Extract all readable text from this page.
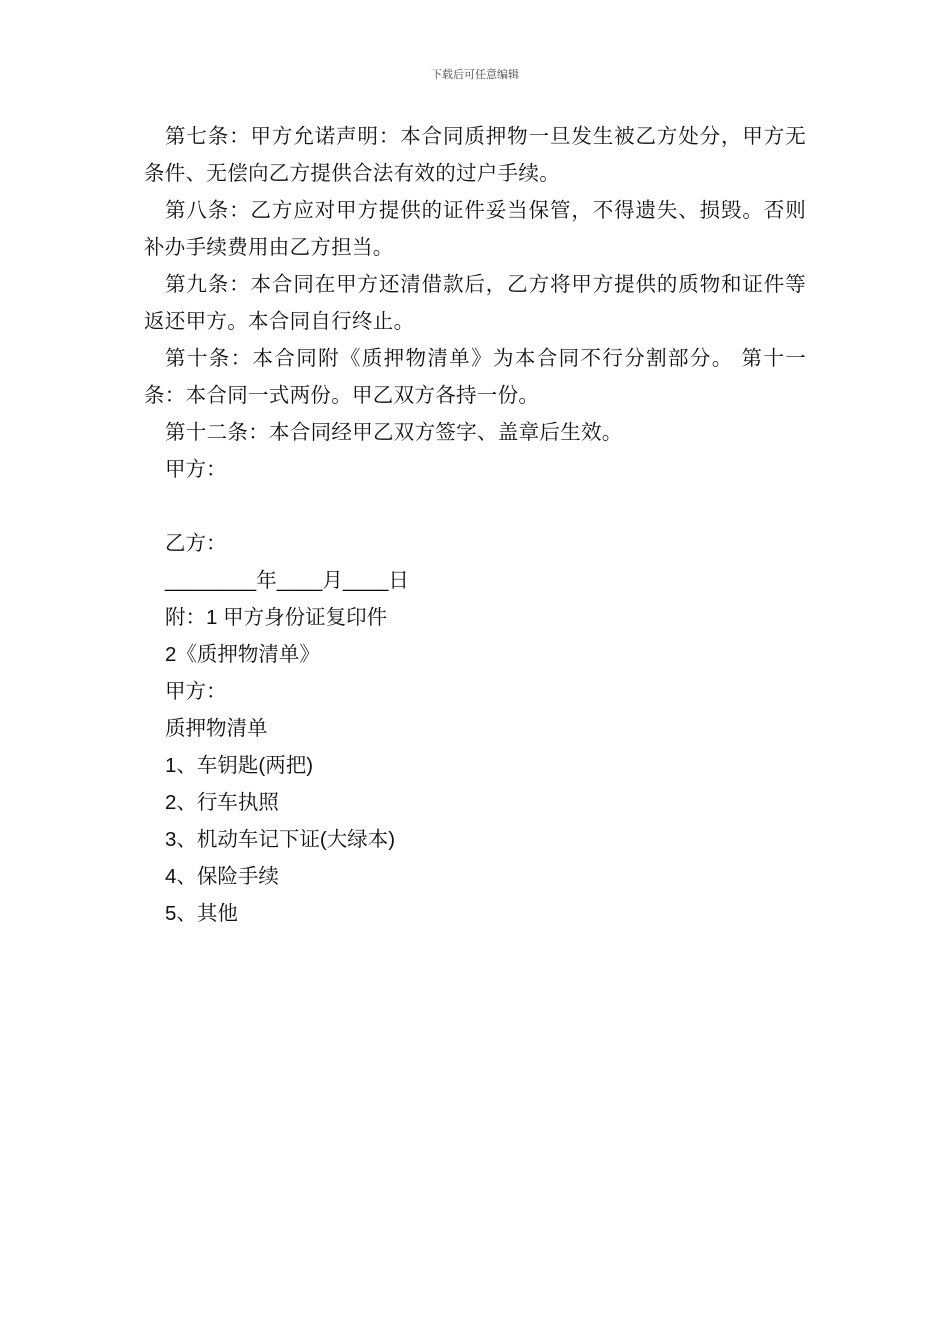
下载后可任意编辑

第七条：甲方允诺声明：本合同质押物一旦发生被乙方处分，甲方无条件、无偿向乙方提供合法有效的过户手续。

第八条：乙方应对甲方提供的证件妥当保管，不得遗失、损毁。否则补办手续费用由乙方担当。

第九条：本合同在甲方还清借款后，乙方将甲方提供的质物和证件等返还甲方。本合同自行终止。

第十条：本合同附《质押物清单》为本合同不行分割部分。 第十一条：本合同一式两份。甲乙双方各持一份。

第十二条：本合同经甲乙双方签字、盖章后生效。

甲方：

乙方：

________年____月____日

附：1 甲方身份证复印件

2《质押物清单》

甲方：

质押物清单

1、车钥匙(两把)

2、行车执照

3、机动车记下证(大绿本)

4、保险手续

5、其他
